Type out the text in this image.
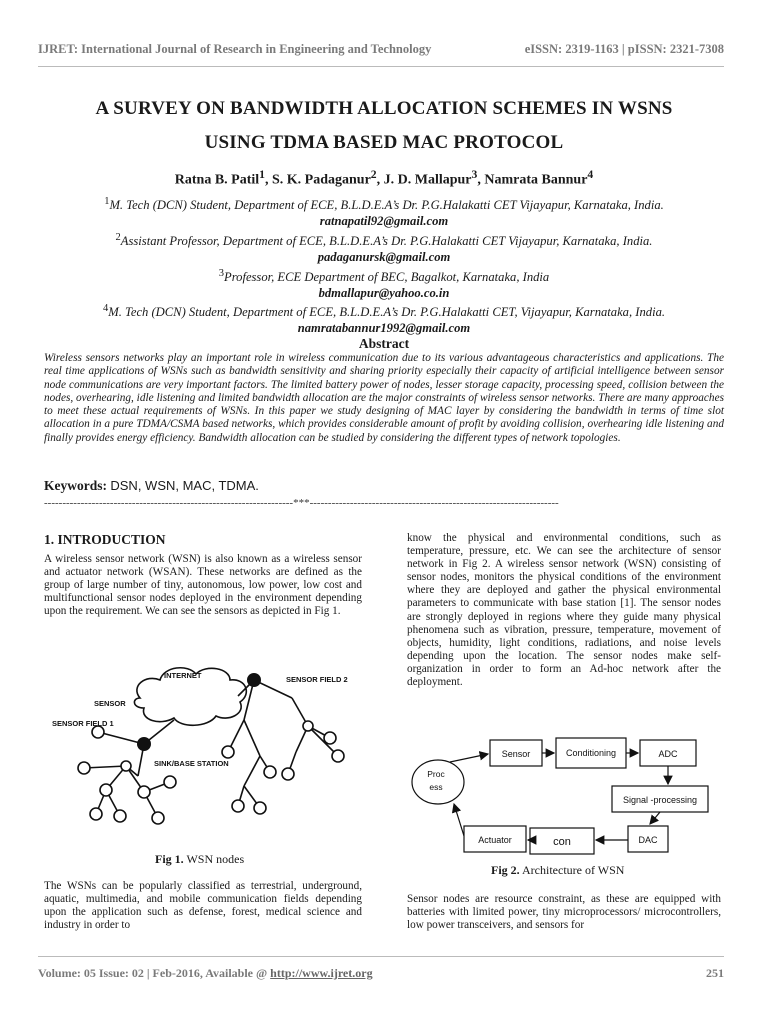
IJRET: International Journal of Research in Engineering and Technology	eISSN: 2319-1163 | pISSN: 2321-7308
A SURVEY ON BANDWIDTH ALLOCATION SCHEMES IN WSNS
USING TDMA BASED MAC PROTOCOL
Ratna B. Patil$^1$, S. K. Padaganur$^2$, J. D. Mallapur$^3$, Namrata Bannur$^4$
$^1$M. Tech (DCN) Student, Department of ECE, B.L.D.E.A’s Dr. P.G.Halakatti CET Vijayapur, Karnataka, India.
ratnapatil92@gmail.com
$^2$Assistant Professor, Department of ECE, B.L.D.E.A’s Dr. P.G.Halakatti CET Vijayapur, Karnataka, India.
padaganursk@gmail.com
$^3$Professor, ECE Department of BEC, Bagalkot, Karnataka, India
bdmallapur@yahoo.co.in
$^4$M. Tech (DCN) Student, Department of ECE, B.L.D.E.A’s Dr. P.G.Halakatti CET, Vijayapur, Karnataka, India.
namratabannur1992@gmail.com
Abstract
Wireless sensors networks play an important role in wireless communication due to its various advantageous characteristics and applications. The real time applications of WSNs such as bandwidth sensitivity and sharing priority especially their capacity of artificial intelligence between sensor node communications are very important factors. The limited battery power of nodes, lesser storage capacity, processing speed, collision between the nodes, overhearing, idle listening and limited bandwidth allocation are the major constraints of wireless sensor networks. There are many approaches to meet these actual requirements of WSNs. In this paper we study designing of MAC layer by considering the bandwidth in terms of time slot allocation in a pure TDMA/CSMA based networks, which provides considerable amount of profit by avoiding collision, overhearing idle listening and finally provides energy efficiency. Bandwidth allocation can be studied by considering the different types of network topologies.
Keywords: DSN, WSN, MAC, TDMA.
--------------------------------------------------------------------***--------------------------------------------------------------------
1. INTRODUCTION
A wireless sensor network (WSN) is also known as a wireless sensor and actuator network (WSAN). These networks are defined as the group of large number of tiny, autonomous, low power, low cost and multifunctional sensor nodes deployed in the environment depending upon the requirement. We can see the sensors as depicted in Fig 1.
INTERNET	SENSOR FIELD 2
SENSOR
SENSOR FIELD 1
SINK/BASE STATION
Fig 1. WSN nodes
The WSNs can be popularly classified as terrestrial, underground, aquatic, multimedia, and mobile communication fields depending upon the application such as defense, forest, medical science and industry in order to
know the physical and environmental conditions, such as temperature, pressure, etc. We can see the architecture of sensor network in Fig 2. A wireless sensor network (WSN) consisting of sensor nodes, monitors the physical conditions of the environment where they are deployed and gather the physical environmental parameters to communicate with base station [1]. The sensor nodes are strongly deployed in regions where they guide many physical phenomena such as vibration, pressure, temperature, movement of objects, humidity, light conditions, radiations, and noise levels depending upon the location. The sensor nodes make self-organization in order to form an Ad-hoc network after the deployment.
Sensor	Conditioning	ADC
Signal -processing
DAC
con
Actuator
Proc
ess
Fig 2. Architecture of WSN
Sensor nodes are resource constraint, as these are equipped with batteries with limited power, tiny microprocessors/ microcontrollers, low power transceivers, and sensors for
Volume: 05 Issue: 02 | Feb-2016, Available @ http://www.ijret.org	251
